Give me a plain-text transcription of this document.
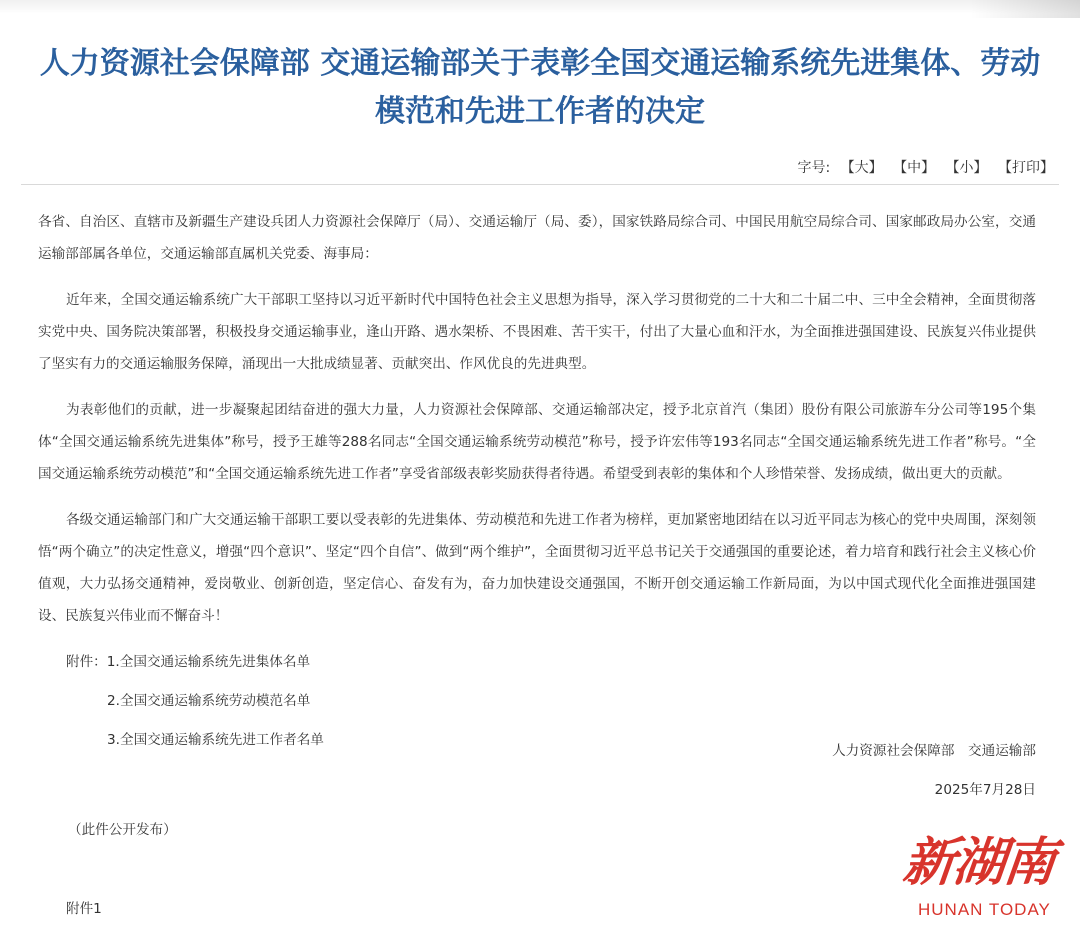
人力资源社会保障部 交通运输部关于表彰全国交通运输系统先进集体、劳动
模范和先进工作者的决定
字号: 【大】 【中】 【小】 【打印】

各省、自治区、直辖市及新疆生产建设兵团人力资源社会保障厅（局）、交通运输厅（局、委），国家铁路局综合司、中国民用航空局综合司、国家邮政局办公室，交通运输部部属各单位，交通运输部直属机关党委、海事局：

近年来，全国交通运输系统广大干部职工坚持以习近平新时代中国特色社会主义思想为指导，深入学习贯彻党的二十大和二十届二中、三中全会精神，全面贯彻落实党中央、国务院决策部署，积极投身交通运输事业，逢山开路、遇水架桥、不畏困难、苦干实干，付出了大量心血和汗水，为全面推进强国建设、民族复兴伟业提供了坚实有力的交通运输服务保障，涌现出一大批成绩显著、贡献突出、作风优良的先进典型。

为表彰他们的贡献，进一步凝聚起团结奋进的强大力量，人力资源社会保障部、交通运输部决定，授予北京首汽（集团）股份有限公司旅游车分公司等195个集体“全国交通运输系统先进集体”称号，授予王雄等288名同志“全国交通运输系统劳动模范”称号，授予许宏伟等193名同志“全国交通运输系统先进工作者”称号。“全国交通运输系统劳动模范”和“全国交通运输系统先进工作者”享受省部级表彰奖励获得者待遇。希望受到表彰的集体和个人珍惜荣誉、发扬成绩，做出更大的贡献。

各级交通运输部门和广大交通运输干部职工要以受表彰的先进集体、劳动模范和先进工作者为榜样，更加紧密地团结在以习近平同志为核心的党中央周围，深刻领悟“两个确立”的决定性意义，增强“四个意识”、坚定“四个自信”、做到“两个维护”，全面贯彻习近平总书记关于交通强国的重要论述，着力培育和践行社会主义核心价值观，大力弘扬交通精神，爱岗敬业、创新创造，坚定信心、奋发有为，奋力加快建设交通强国，不断开创交通运输工作新局面，为以中国式现代化全面推进强国建设、民族复兴伟业而不懈奋斗！

附件：1.全国交通运输系统先进集体名单
2.全国交通运输系统劳动模范名单
3.全国交通运输系统先进工作者名单
人力资源社会保障部　交通运输部
2025年7月28日
（此件公开发布）
附件1
新湖南
HUNAN TODAY
